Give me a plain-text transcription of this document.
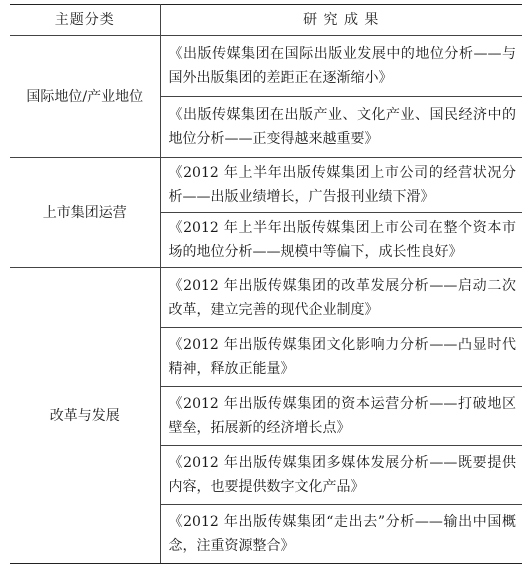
主题分类	研 究 成 果
国际地位/产业地位	《出版传媒集团在国际出版业发展中的地位分析——与国外出版集团的差距正在逐渐缩小》
	《出版传媒集团在出版产业、文化产业、国民经济中的地位分析——正变得越来越重要》
上市集团运营	《2012 年上半年出版传媒集团上市公司的经营状况分析——出版业绩增长，广告报刊业绩下滑》
	《2012 年上半年出版传媒集团上市公司在整个资本市场的地位分析——规模中等偏下，成长性良好》
改革与发展	《2012 年出版传媒集团的改革发展分析——启动二次改革，建立完善的现代企业制度》
	《2012 年出版传媒集团文化影响力分析——凸显时代精神，释放正能量》
	《2012 年出版传媒集团的资本运营分析——打破地区壁垒，拓展新的经济增长点》
	《2012 年出版传媒集团多媒体发展分析——既要提供内容，也要提供数字文化产品》
	《2012 年出版传媒集团“走出去”分析——输出中国概念，注重资源整合》
